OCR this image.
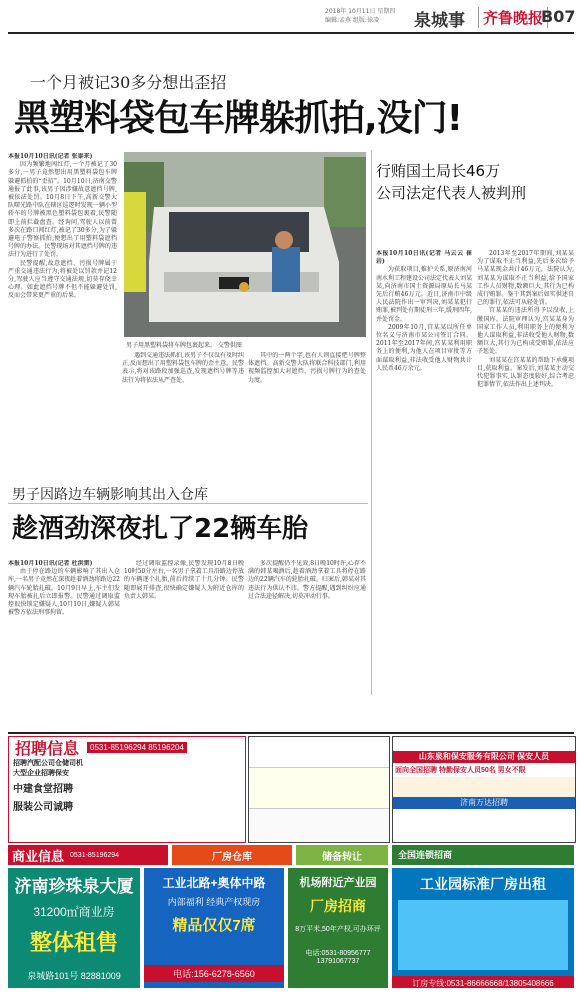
2018年 10月11日 星期四
编辑:孟燕 组版:徐凌	泉城事	齐鲁晚报
B07
一个月被记30多分想出歪招
黑塑料袋包车牌躲抓拍,没门!

本报10月10日讯(记者 张泰来)

因为频繁地闯红灯,一个月被记了30多分,一男子竟然想出用黑塑料袋包车牌躲避抓拍的“歪招”。10月10日,济南交警通报了此事,该男子因涉嫌故意遮挡号牌,被依法处罚。10月8日下午,高新交警大队曙光路中队在辖区巡逻时发现一辆小型轿车的号牌被黑色塑料袋包裹着,民警随即上前拦截盘查。经询问,驾驶人以前曾多次在路口闯红灯,被记了30多分,为了躲避电子警察抓拍,便想出了用塑料袋遮挡号牌的办法。民警现场对其遮挡号牌的违法行为进行了处罚。

民警提醒,故意遮挡、污损号牌属于严重交通违法行为,将被处以罚款并记12分,驾驶人应当遵守交通法规,切莫存侥幸心理。如此遮挡号牌不但不能躲避处罚,反而会带来更严重的后果。

男子用黑塑料袋将车牌包裹起来。 交警供图

遇到交通违法抓拍,该男子不仅没有及时纠正,反而想出了用塑料袋包车牌的歪主意。民警表示,将对该路段加强巡查,发现遮挡号牌等违法行为将依法从严查处。

其中的一两个字,也有人则直接把号牌整体遮挡。高新交警大队将联合科技部门,利用视频监控加大对遮挡、污损号牌行为的查处力度。

行贿国土局长46万
公司法定代表人被判刑

本报10月10日讯(记者 马云云 崔岩)

为获取项目,推护关系,原济南河南水利工程建设公司法定代表人刘某某,向济南市国土资源局原局长马某先后行贿46万元。近日,济南市中级人民法院作出一审判决,刘某某犯行贿罪,被判处有期徒刑三年,缓刑四年,并处罚金。

2009年10月,宫某某以所任单位名义与济南市某公司签订合同。2011年至2017年间,宫某某利用职务上的便利,为他人在项目审批等方面谋取利益,非法收受他人财物共计人民币46万余元。

2013年至2017年期间,刘某某为了谋取不正当利益,先后多次给予马某某现金共计46万元。法院认为,刘某某为谋取不正当利益,给予国家工作人员财物,数额巨大,其行为已构成行贿罪。鉴于其到案后如实供述自己的罪行,依法可从轻处罚。

宫某某的违法所得予以没收,上缴国库。法院审理认为,宫某某身为国家工作人员,利用职务上的便利为他人谋取利益,非法收受他人财物,数额巨大,其行为已构成受贿罪,依法应予惩处。

刘某某在宫某某的帮助下承揽项目,获取利益。案发后,刘某某主动交代犯罪事实,认罪态度较好,综合考虑犯罪情节,依法作出上述判决。

男子因路边车辆影响其出入仓库
趁酒劲深夜扎了22辆车胎

本报10月10日讯(记者 杜洪雷)

由于停在路边的车辆影响了其出入仓库,一名男子竟然在深夜趁着酒劲将路边22辆汽车轮胎扎破。10月9日早上,车主们发现车胎被扎后立即报警。民警通过调取监控很快锁定嫌疑人,10月10日,嫌疑人韩某被警方依法刑事拘留。

经过调取监控录像,民警发现10月8日晚10时50分左右,一名男子拿着工具沿路边停放的车辆逐个扎胎,前后持续了十几分钟。民警随即展开排查,很快确定嫌疑人为附近仓库的负责人韩某。

多次提醒仍不见效,8日晚10时许,心存不满的韩某喝酒后,趁着酒劲拿着工具将停在路边的22辆汽车的轮胎扎破。归案后,韩某对其违法行为供认不讳。警方提醒,遇到纠纷应通过合法途径解决,切莫冲动行事。

招聘信息	0531-85196294 85196204
招聘汽配公司仓储司机
大型企业招聘保安
中建食堂招聘
服装公司诚聘
山东泉和保安服务有限公司 保安人员
面向全国招聘 特勤保安人员50名 男女不限
济南万达招聘
商业信息 0531-85196294	厂房仓库	储备转让	全国连锁招商
济南珍珠泉大厦
31200㎡商业房
整体租售
泉城路101号 82881009
工业北路+奥体中路
内部福利 经典产权现房
精品仅仅7席
电话:156-6278-6560
机场附近产业园
厂房招商
8万平米,50年产权,可办环评
电话:0531-80956777 13791067737
工业园标准厂房出租
订房专线:0531-86666668/13805408666
